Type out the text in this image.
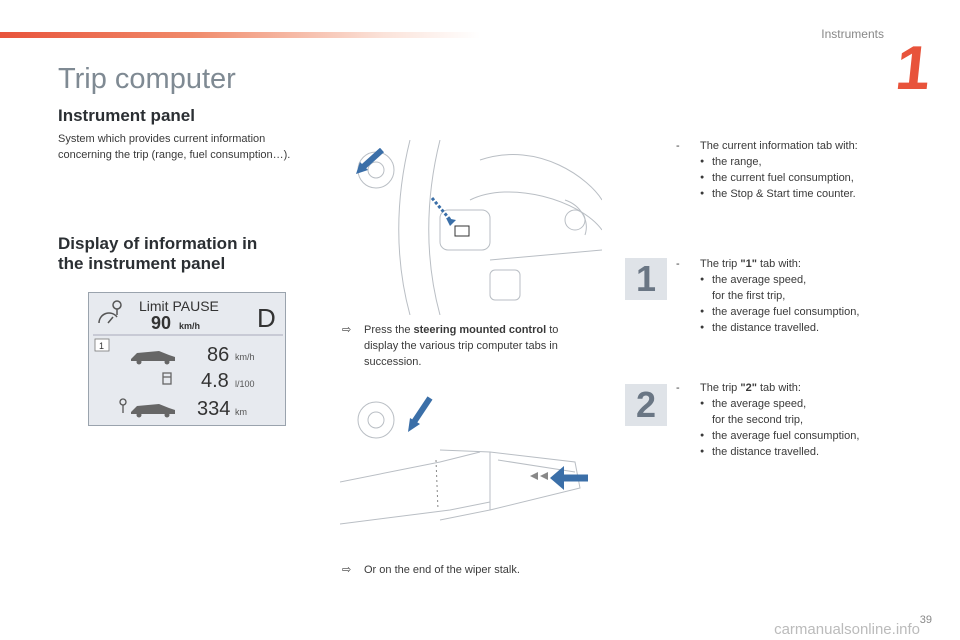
Instruments 1
Trip computer
Instrument panel

System which provides current information concerning the trip (range, fuel consumption…).

Display of information in
the instrument panel
Limit PAUSE
90 km/h D
1	86 km/h
4.8 l/100
334 km
⇨ Press the steering mounted control to display the various trip computer tabs in succession.
⇨ Or on the end of the wiper stalk.
- The current information tab with:
● the range,
● the current fuel consumption,
● the Stop & Start time counter.
1	- The trip "1" tab with:
● the average speed,
for the first trip,
● the average fuel consumption,
● the distance travelled.
2	- The trip "2" tab with:
● the average speed,
for the second trip,
● the average fuel consumption,
● the distance travelled.
39
carmanualsonline.info
